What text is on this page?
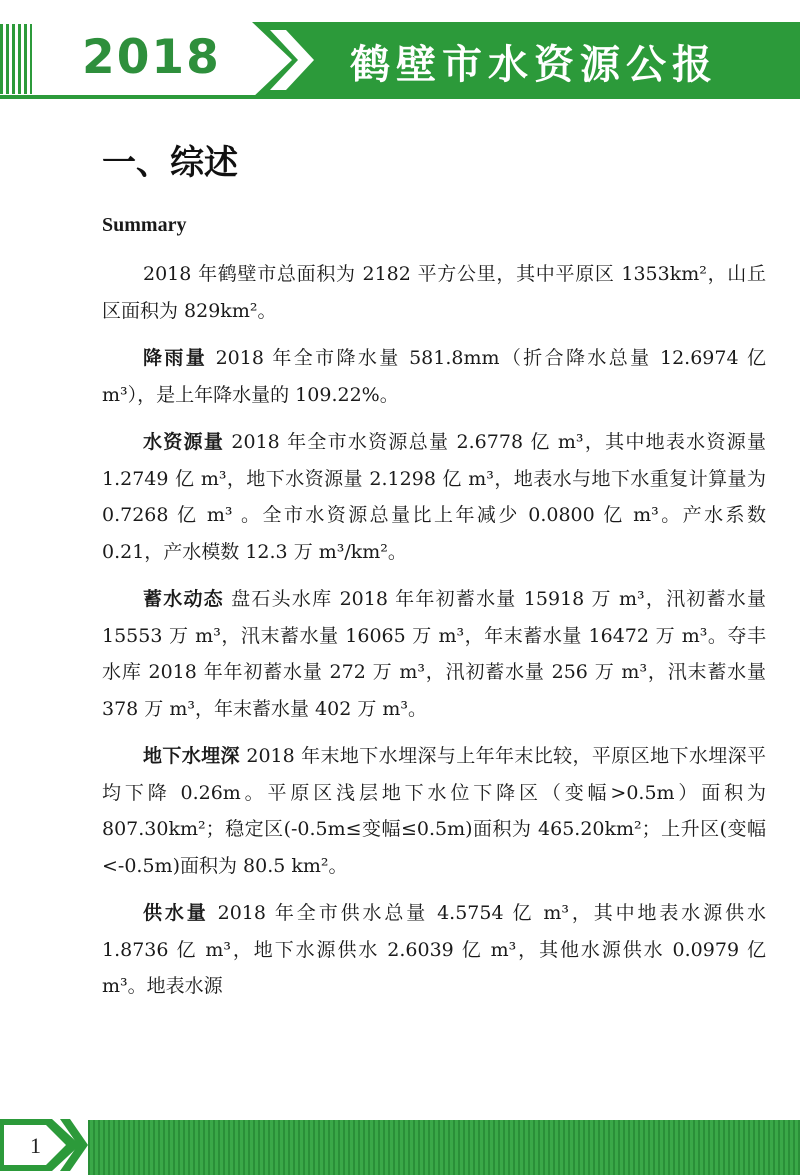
2018	鹤壁市水资源公报
一、综述
Summary

2018 年鹤壁市总面积为 2182 平方公里，其中平原区 1353km²，山丘区面积为 829km²。

降雨量 2018 年全市降水量 581.8mm（折合降水总量 12.6974 亿 m³），是上年降水量的 109.22%。

水资源量 2018 年全市水资源总量 2.6778 亿 m³，其中地表水资源量 1.2749 亿 m³，地下水资源量 2.1298 亿 m³，地表水与地下水重复计算量为 0.7268 亿 m³ 。全市水资源总量比上年减少 0.0800 亿 m³。产水系数 0.21，产水模数 12.3 万 m³/km²。

蓄水动态 盘石头水库 2018 年年初蓄水量 15918 万 m³，汛初蓄水量 15553 万 m³，汛末蓄水量 16065 万 m³，年末蓄水量 16472 万 m³。夺丰水库 2018 年年初蓄水量 272 万 m³，汛初蓄水量 256 万 m³，汛末蓄水量 378 万 m³，年末蓄水量 402 万 m³。

地下水埋深 2018 年末地下水埋深与上年年末比较，平原区地下水埋深平均下降 0.26m。平原区浅层地下水位下降区（变幅>0.5m）面积为 807.30km²；稳定区(-0.5m≤变幅≤0.5m)面积为 465.20km²；上升区(变幅<-0.5m)面积为 80.5 km²。

供水量 2018 年全市供水总量 4.5754 亿 m³，其中地表水源供水 1.8736 亿 m³，地下水源供水 2.6039 亿 m³，其他水源供水 0.0979 亿 m³。地表水源

1
